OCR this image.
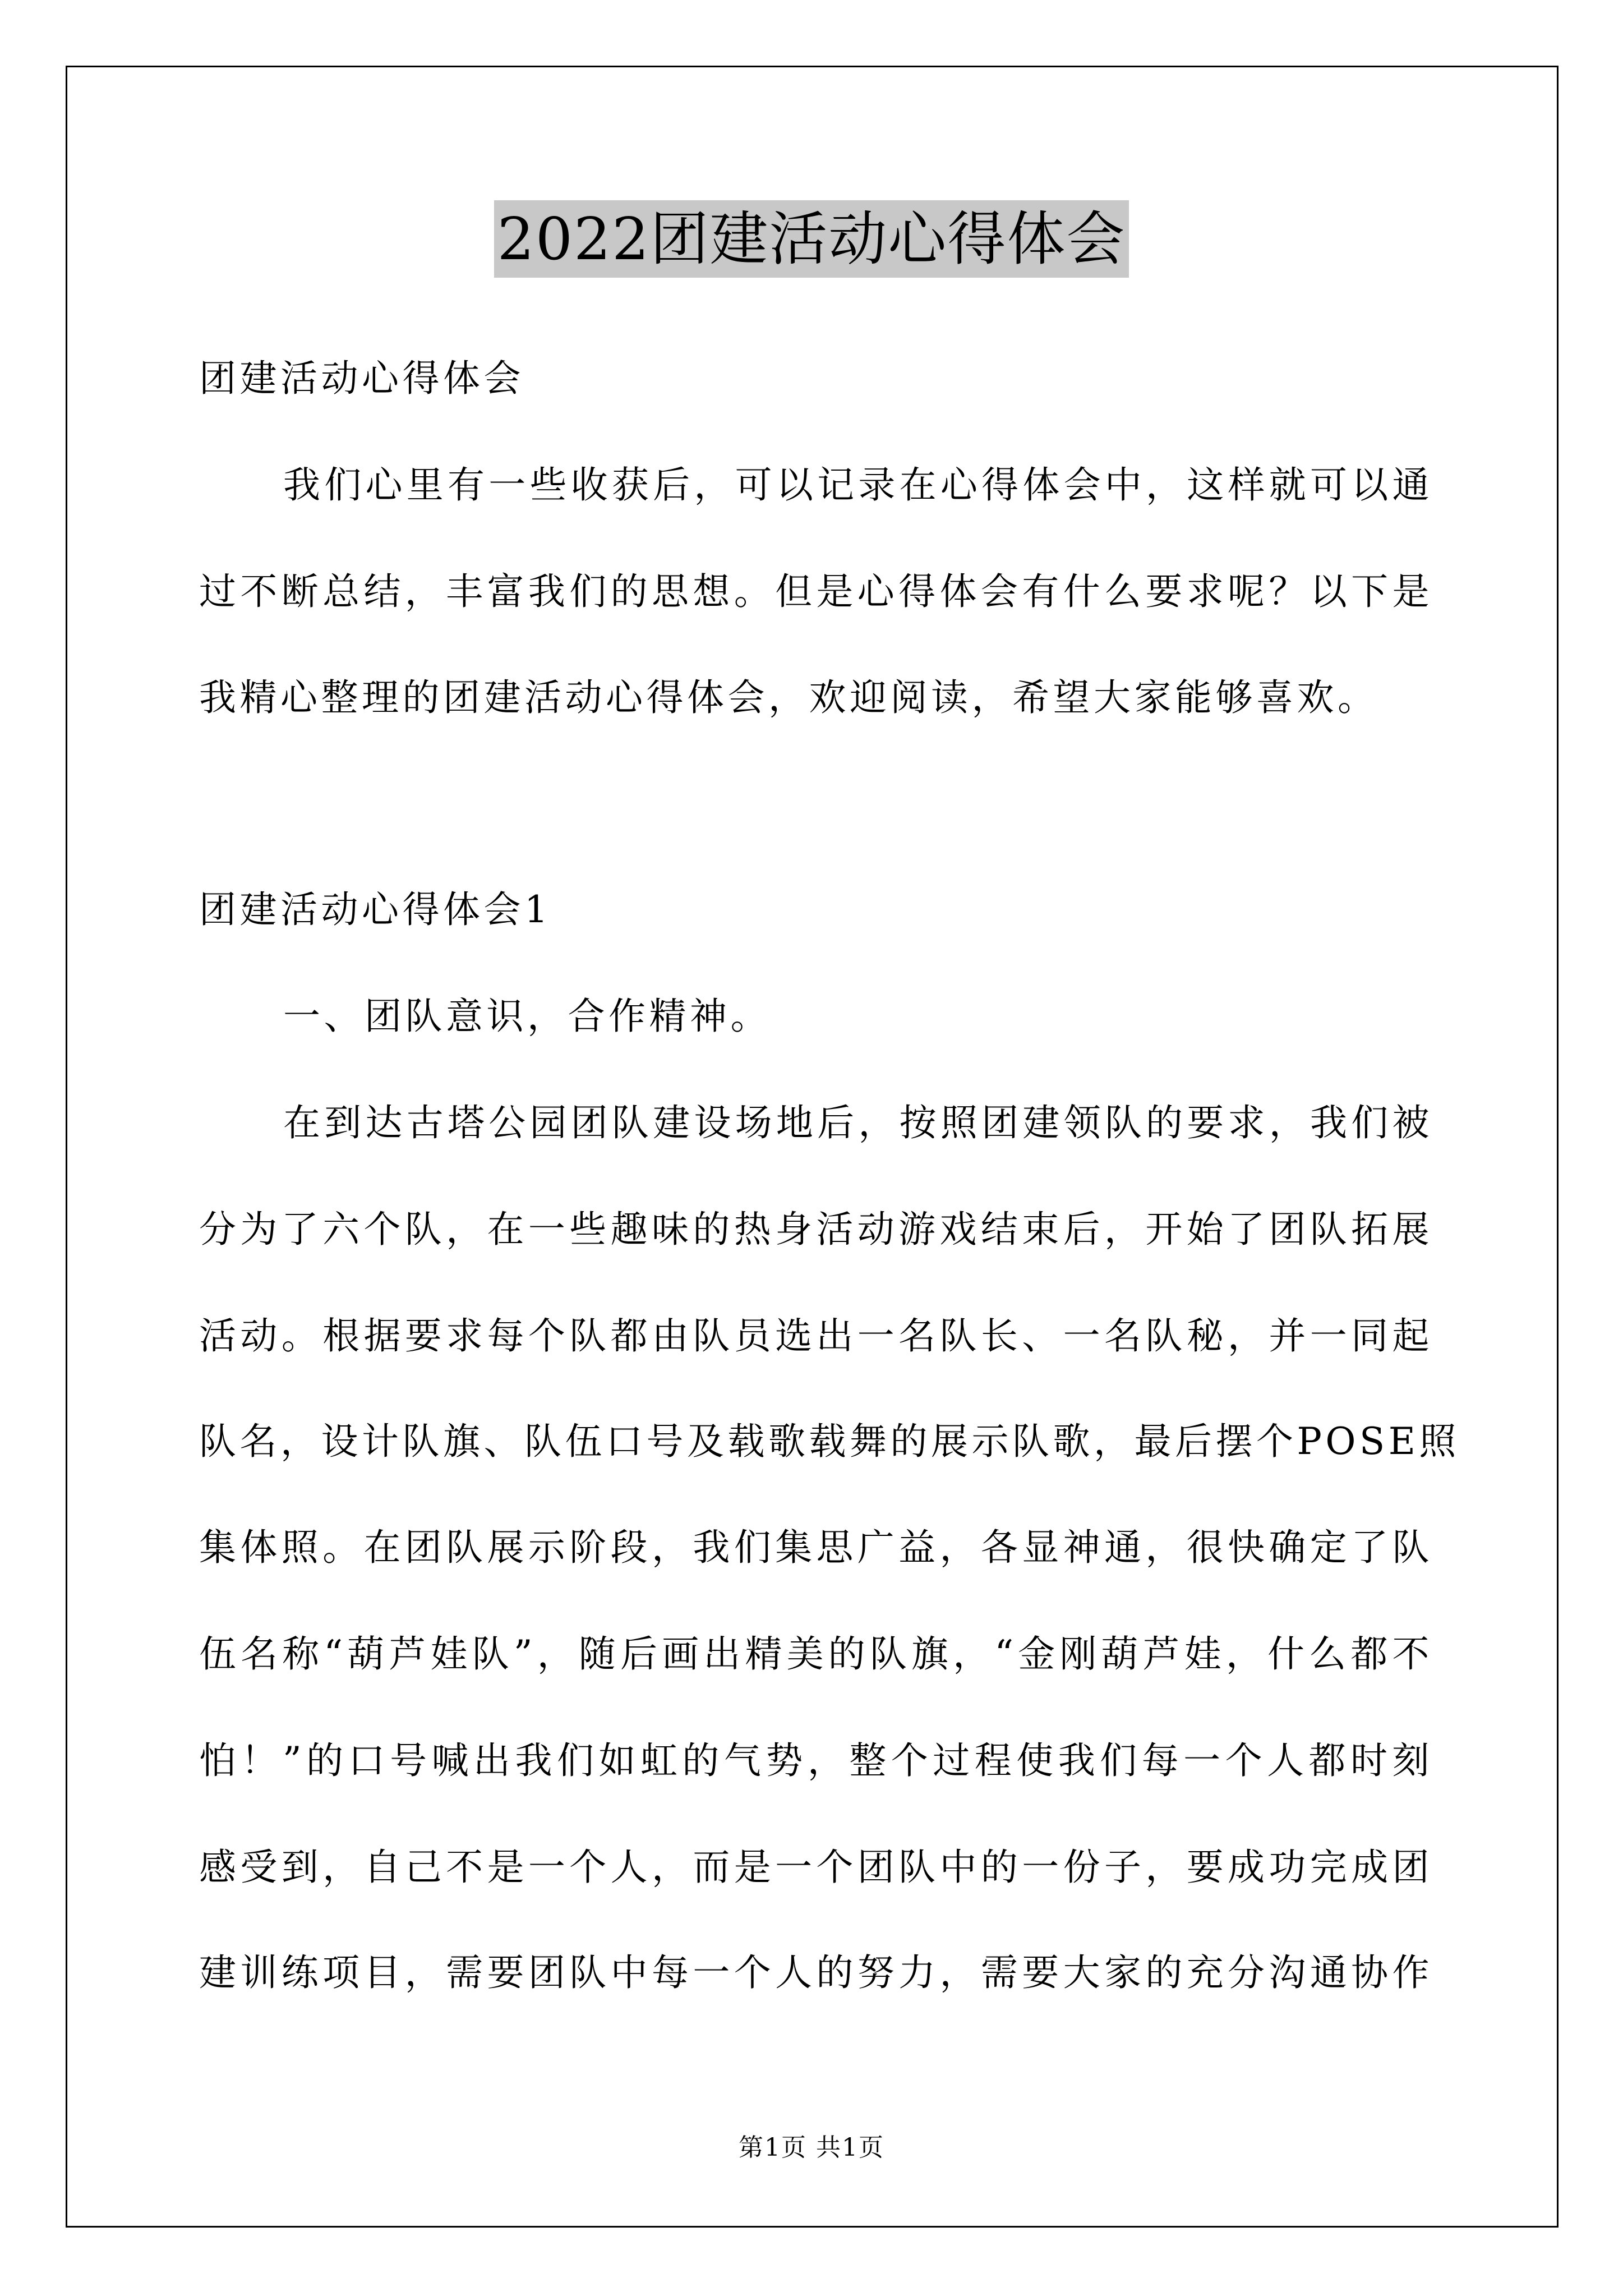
2022团建活动心得体会
团建活动心得体会
我们心里有一些收获后，可以记录在心得体会中，这样就可以通
过不断总结，丰富我们的思想。但是心得体会有什么要求呢？以下是
我精心整理的团建活动心得体会，欢迎阅读，希望大家能够喜欢。
团建活动心得体会1
一、团队意识，合作精神。
在到达古塔公园团队建设场地后，按照团建领队的要求，我们被
分为了六个队，在一些趣味的热身活动游戏结束后，开始了团队拓展
活动。根据要求每个队都由队员选出一名队长、一名队秘，并一同起
队名，设计队旗、队伍口号及载歌载舞的展示队歌，最后摆个POSE照
集体照。在团队展示阶段，我们集思广益，各显神通，很快确定了队
伍名称“葫芦娃队”，随后画出精美的队旗，“金刚葫芦娃，什么都不
怕！”的口号喊出我们如虹的气势，整个过程使我们每一个人都时刻
感受到，自己不是一个人，而是一个团队中的一份子，要成功完成团
建训练项目，需要团队中每一个人的努力，需要大家的充分沟通协作
第1页 共1页
